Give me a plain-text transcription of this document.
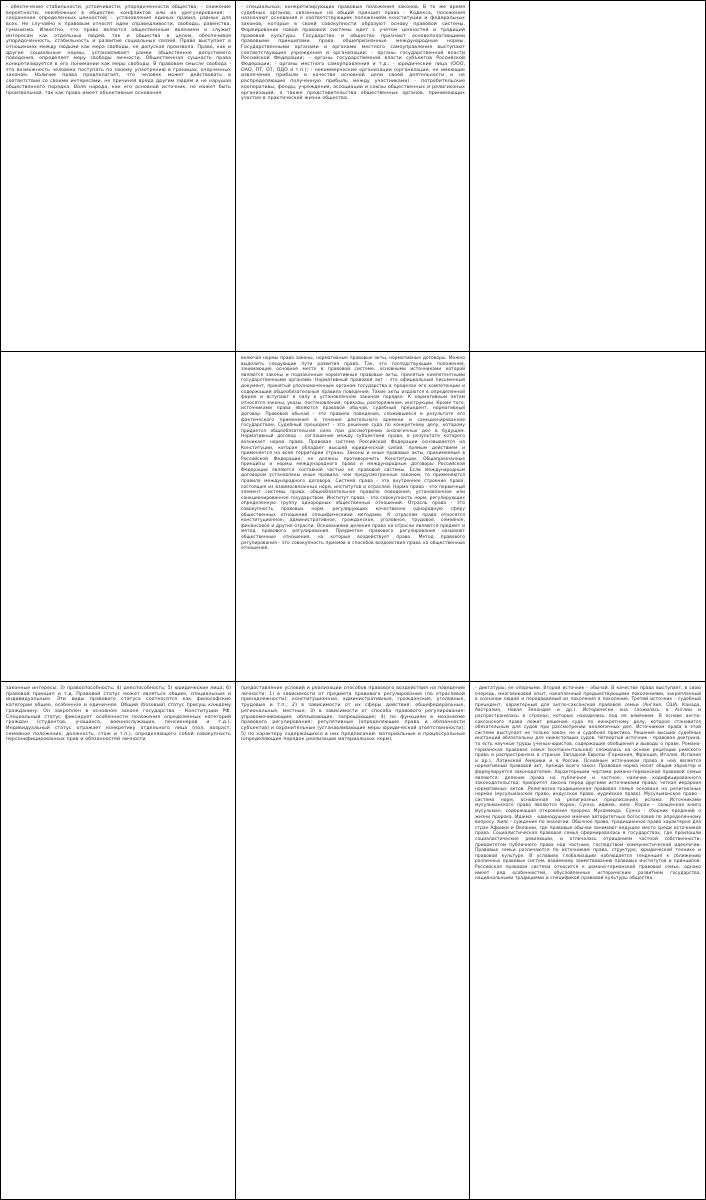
- обеспечение стабильности, устойчивости, упорядоченности общества; - снижение вероятности, неизбежных в обществе, конфликтов или их урегулирования; - сохранение определенных ценностей; - установление единых правил, равных для всех. Не случайно к правовым относят идеи справедливости, свободы, равенства, гуманизма. Известно, что право является общественным явлением и служит интересам как отдельных людей, так и общества в целом, обеспечивая упорядоченность, стабильность и развитие социальных связей. Право выступает в отношениях между людьми как мера свободы, не допуская произвола. Право, как и другие социальные нормы, устанавливает рамки общественно допустимого поведения, определяет меру свободы личности. Общественная сущность права конкретизируется в его понимании как меры свободы. В правовом смысле свобода - это возможность человека поступать по своему усмотрению в границах, очерченных законом. Наличие права предполагает, что человек может действовать в соответствии со своими интересами, не причиняя вреда другим людям и не нарушая общественного порядка. Воля народа, как его основной источник, не может быть произвольной, так как право имеет объективные основания.

- специальных, конкретизирующих правовые положения законов. В то же время судебных органов, связанных на общий принцип права - Кодекса, положения назначают основания к соответствующим положениям конституции и федеральных законов, которые в своей совокупности образуют основу правовой системы. Формирование новой правовой системы идет с учетом ценностей и традиций правовой культуры. Государство и общество признают основополагающими правовыми принципами права общепризнанные международные нормы. Государственными органами и органами местного самоуправления выступают соответствующие учреждения и организации: - органы государственной власти Российской Федерации; - органы государственной власти субъектов Российской Федерации; - органы местного самоуправления и т.д.; - юридические лица (ООО, ОАО, ПТ, ОТ, ОДО и т.п.); - некоммерческие организации (организации, не имеющие извлечение прибыли в качестве основной цели своей деятельности и не распределяющие полученную прибыль между участниками) - потребительские кооперативы, фонды, учреждения, ассоциации и союзы общественных и религиозных организаций, а также представительства общественных органов, принимающих участие в практической жизни общества.

включая нормы права законы, нормативные правовые акты, нормативные договоры. Можно выделить следующие пути развития права. Так, это господствующие положения, занимающие основное место в правовой системе, основными источниками которой являются законы и подзаконные нормативные правовые акты, принятые компетентными государственными органами. Нормативный правовой акт - это официальный письменный документ, принятый уполномоченным органом государства в пределах его компетенции и содержащий общеобязательные правила поведения. Такие акты издаются в определенной форме и вступают в силу в установленном законом порядке. К нормативным актам относятся законы, указы, постановления, приказы, распоряжения, инструкции. Кроме того, источниками права являются правовой обычай, судебный прецедент, нормативный договор. Правовой обычай - это правило поведения, сложившееся в результате его фактического применения в течение длительного времени и санкционированное государством. Судебный прецедент - это решение суда по конкретному делу, которому придается общеобязательная сила при рассмотрении аналогичных дел в будущем. Нормативный договор - соглашение между субъектами права, в результате которого возникает норма права. Правовая система Российской Федерации основывается на Конституции, которая обладает высшей юридической силой, прямым действием и применяется на всей территории страны. Законы и иные правовые акты, принимаемые в Российской Федерации, не должны противоречить Конституции. Общепризнанные принципы и нормы международного права и международные договоры Российской Федерации являются составной частью ее правовой системы. Если международным договором установлены иные правила, чем предусмотренные законом, то применяются правила международного договора. Система права - это внутреннее строение права, состоящее из взаимосвязанных норм, институтов и отраслей. Норма права - это первичный элемент системы права, общеобязательное правило поведения, установленное или санкционированное государством. Институт права - это совокупность норм, регулирующих определенную группу однородных общественных отношений. Отрасль права - это совокупность правовых норм, регулирующих качественно однородную сферу общественных отношений специфическими методами. К отраслям права относятся конституционное, административное, гражданское, уголовное, трудовое, семейное, финансовое и другие отрасли. Основаниями деления права на отрасли являются предмет и метод правового регулирования. Предметом правового регулирования называют общественные отношения, на которые воздействует право. Метод правового регулирования - это совокупность приемов и способов воздействия права на общественные отношения.

законные интересы; 3) правоспособность; 4) дееспособность; 5) юридические лица; 6) правовой принцип и т.д. Правовой статус может являться общим, специальным и индивидуальным. Эти виды правового статуса соотносятся как философские категории общее, особенное и единичное. Общий (базовый) статус присущ каждому гражданину. Он закреплен в основном законе государства - Конституции РФ. Специальный статус фиксирует особенности положения определенных категорий граждан (студентов, учащихся, военнослужащих, пенсионеров и т.д.). Индивидуальный статус отражает конкретику отдельного лица (пол, возраст, семейное положение, должность, стаж и т.п.), определяющего собой совокупность персонифицированных прав и обязанностей личности.

предоставление условий и реализации способов правового воздействия на поведение личности: 1) в зависимости от предмета правового регулирования (по отраслевой принадлежности): конституционные, административные, гражданские, уголовные, трудовые и т.п.; 2) в зависимости от их сферы действия: общефедеральные, региональные, местные; 3) в зависимости от способа правового регулирования: управомочивающие, обязывающие, запрещающие; 4) по функциям в механизме правового регулирования: регулятивные (определяющие права и обязанности субъектов) и охранительные (устанавливающие меры юридической ответственности); 5) по характеру содержащихся в них предписаний: материальные и процессуальные (определяющие порядок реализации материальных норм).

- диктатуры; ее опорными. Второй источник - обычай. В качестве права выступает, в свою очередь, многовековой опыт, накопленный предшествующими поколениями, закрепленный в сознании людей и передаваемый из поколения в поколение. Третий источник - судебный прецедент, характерный для англо-саксонской правовой семьи (Англия, США, Канада, Австралия, Новая Зеландия и др.). Исторически она сложилась в Англии и распространилась в странах, которые находились под ее влиянием. В основе англо-саксонского права лежит решение суда по конкретному делу, которое становится обязательным для судов при рассмотрении аналогичных дел. Источником права в этой системе выступает не только закон, но и судебная практика. Решения высших судебных инстанций обязательны для нижестоящих судов. Четвертый источник - правовая доктрина, то есть научные труды ученых-юристов, содержащие обобщения и выводы о праве. Романо-германская правовая семья (континентальная) сложилась на основе рецепции римского права и распространена в странах Западной Европы (Германия, Франция, Италия, Испания и др.), Латинской Америки и в России. Основным источником права в ней является нормативный правовой акт, прежде всего закон. Правовая норма носит общий характер и формулируется законодателем. Характерными чертами романо-германской правовой семьи являются: деление права на публичное и частное; наличие кодифицированного законодательства; приоритет закона перед другими источниками права; четкая иерархия нормативных актов. Религиозно-традиционная правовая семья основана на религиозных нормах (мусульманское право, индусское право, иудейское право). Мусульманское право - система норм, основанная на религиозных предписаниях ислама. Источниками мусульманского права являются Коран, Сунна, иджма, кияс. Коран - священная книга мусульман, содержащая откровения пророка Мухаммеда. Сунна - сборник преданий о жизни пророка. Иджма - единодушное мнение авторитетных богословов по определенному вопросу. Кияс - суждение по аналогии. Обычное право, традиционное право характерно для стран Африки и Океании, где правовые обычаи занимают ведущее место среди источников права. Социалистическая правовая семья сформировалась в государствах, где произошли социалистические революции, и отличалась отрицанием частной собственности, приоритетом публичного права над частным, господством коммунистической идеологии. Правовые семьи различаются по источникам права, структуре, юридической технике и правовой культуре. В условиях глобализации наблюдается тенденция к сближению различных правовых систем, взаимному заимствованию правовых институтов и принципов. Российская правовая система относится к романо-германской правовой семье, однако имеет ряд особенностей, обусловленных историческим развитием государства, национальными традициями и спецификой правовой культуры общества.
